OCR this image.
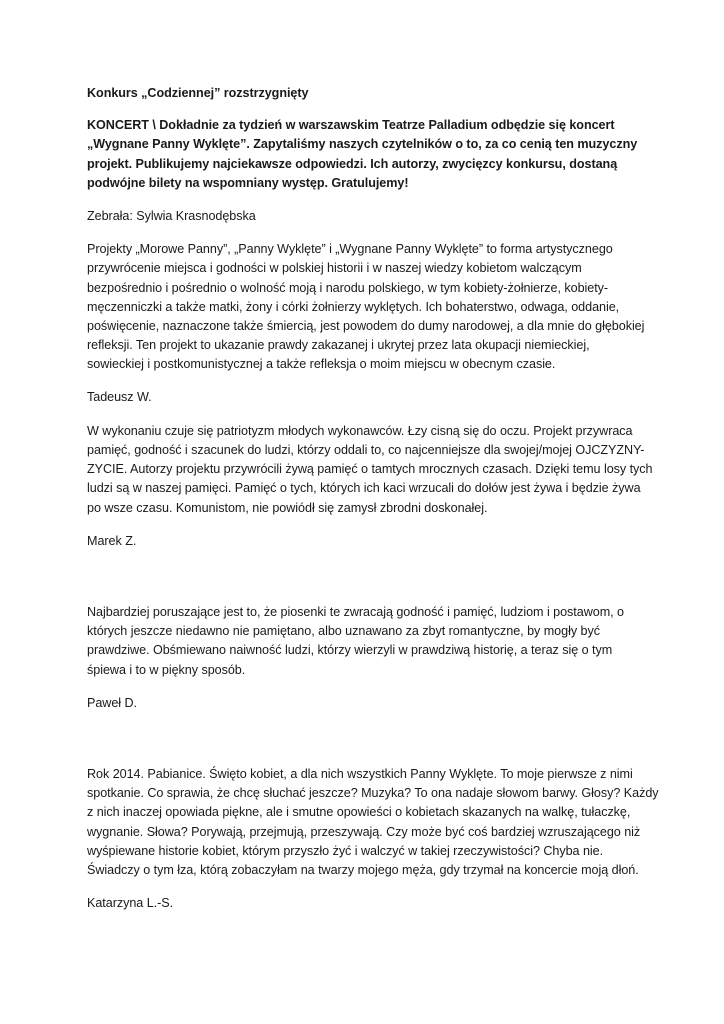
Konkurs „Codziennej” rozstrzygnięty

KONCERT \ Dokładnie za tydzień w warszawskim Teatrze Palladium odbędzie się koncert
„Wygnane Panny Wyklęte”. Zapytaliśmy naszych czytelników o to, za co cenią ten muzyczny
projekt. Publikujemy najciekawsze odpowiedzi. Ich autorzy, zwycięzcy konkursu, dostaną
podwójne bilety na wspomniany występ. Gratulujemy!

Zebrała: Sylwia Krasnodębska

Projekty „Morowe Panny”, „Panny Wyklęte” i „Wygnane Panny Wyklęte” to forma artystycznego
przywrócenie miejsca i godności w polskiej historii i w naszej wiedzy kobietom walczącym
bezpośrednio i pośrednio o wolność moją i narodu polskiego, w tym kobiety-żołnierze, kobiety-
męczenniczki a także matki, żony i córki żołnierzy wyklętych. Ich bohaterstwo, odwaga, oddanie,
poświęcenie, naznaczone także śmiercią, jest powodem do dumy narodowej, a dla mnie do głębokiej
refleksji. Ten projekt to ukazanie prawdy zakazanej i ukrytej przez lata okupacji niemieckiej,
sowieckiej i postkomunistycznej a także refleksja o moim miejscu w obecnym czasie.

Tadeusz W.

W wykonaniu czuje się patriotyzm młodych wykonawców. Łzy cisną się do oczu. Projekt przywraca
pamięć, godność i szacunek do ludzi, którzy oddali to, co najcenniejsze dla swojej/mojej OJCZYZNY-
ZYCIE. Autorzy projektu przywrócili żywą pamięć o tamtych mrocznych czasach. Dzięki temu losy tych
ludzi są w naszej pamięci. Pamięć o tych, których ich kaci wrzucali do dołów jest żywa i będzie żywa
po wsze czasu. Komunistom, nie powiódł się zamysł zbrodni doskonałej.

Marek Z.

Najbardziej poruszające jest to, że piosenki te zwracają godność i pamięć, ludziom i postawom, o
których jeszcze niedawno nie pamiętano, albo uznawano za zbyt romantyczne, by mogły być
prawdziwe. Obśmiewano naiwność ludzi, którzy wierzyli w prawdziwą historię, a teraz się o tym
śpiewa i to w piękny sposób.

Paweł D.

Rok 2014. Pabianice. Święto kobiet, a dla nich wszystkich Panny Wyklęte. To moje pierwsze z nimi
spotkanie. Co sprawia, że chcę słuchać jeszcze? Muzyka? To ona nadaje słowom barwy. Głosy? Każdy
z nich inaczej opowiada piękne, ale i smutne opowieści o kobietach skazanych na walkę, tułaczkę,
wygnanie. Słowa? Porywają, przejmują, przeszywają. Czy może być coś bardziej wzruszającego niż
wyśpiewane historie kobiet, którym przyszło żyć i walczyć w takiej rzeczywistości? Chyba nie.
Świadczy o tym łza, którą zobaczyłam na twarzy mojego męża, gdy trzymał na koncercie moją dłoń.

Katarzyna L.-S.
